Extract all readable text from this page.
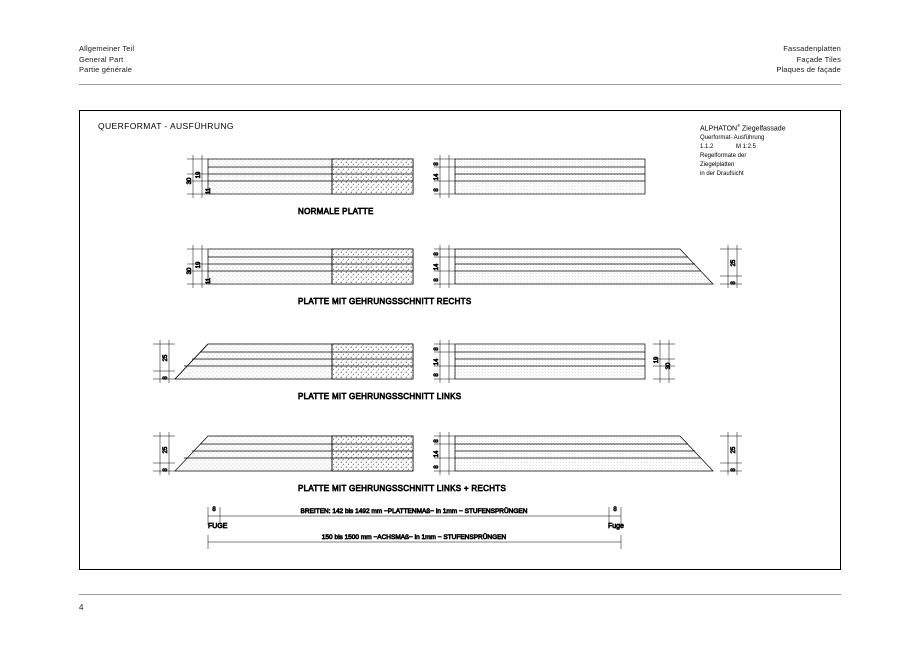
Allgemeiner Teil
General Part
Partie générale
Fassadenplatten
Façade Tiles
Plaques de façade
QUERFORMAT - AUSFÜHRUNG	ALPHATON® Ziegelfassade
Querformat- Ausführung
1.1.2	M 1:2.5
Regelformate der
Ziegelplatten
in der Draufsicht
30
19
11
8
14
8
NORMALE PLATTE
30
19
11
8
14
8
25
8
PLATTE MIT GEHRUNGSSCHNITT RECHTS
25
8
8
14
8
19
30
PLATTE MIT GEHRUNGSSCHNITT LINKS
25
8
8
14
8
25
8
PLATTE MIT GEHRUNGSSCHNITT LINKS + RECHTS
8	8
BREITEN: 142 bis 1492 mm −PLATTENMAß− in 1mm − STUFENSPRÜNGEN
150 bis 1500 mm −ACHSMAß− in 1mm − STUFENSPRÜNGEN
FUGE	Fuge
4
